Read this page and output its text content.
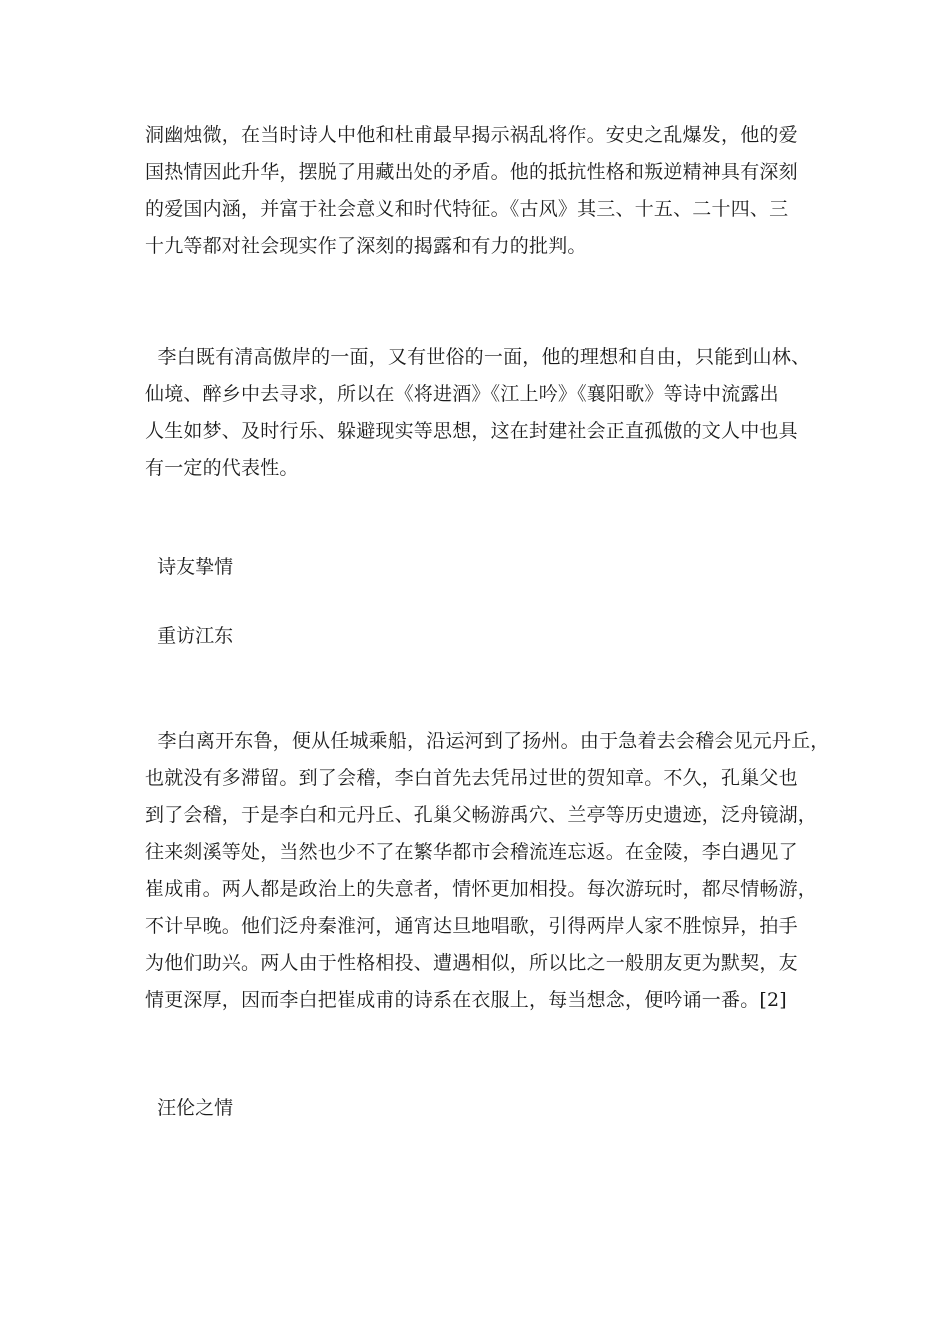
洞幽烛微，在当时诗人中他和杜甫最早揭示祸乱将作。安史之乱爆发，他的爱
国热情因此升华，摆脱了用藏出处的矛盾。他的抵抗性格和叛逆精神具有深刻
的爱国内涵，并富于社会意义和时代特征。《古风》其三、十五、二十四、三
十九等都对社会现实作了深刻的揭露和有力的批判。

李白既有清高傲岸的一面，又有世俗的一面，他的理想和自由，只能到山林、
仙境、醉乡中去寻求，所以在《将进酒》《江上吟》《襄阳歌》等诗中流露出
人生如梦、及时行乐、躲避现实等思想，这在封建社会正直孤傲的文人中也具
有一定的代表性。

诗友挚情
重访江东

李白离开东鲁，便从任城乘船，沿运河到了扬州。由于急着去会稽会见元丹丘，
也就没有多滞留。到了会稽，李白首先去凭吊过世的贺知章。不久，孔巢父也
到了会稽，于是李白和元丹丘、孔巢父畅游禹穴、兰亭等历史遗迹，泛舟镜湖，
往来剡溪等处，当然也少不了在繁华都市会稽流连忘返。在金陵，李白遇见了
崔成甫。两人都是政治上的失意者，情怀更加相投。每次游玩时，都尽情畅游，
不计早晚。他们泛舟秦淮河，通宵达旦地唱歌，引得两岸人家不胜惊异，拍手
为他们助兴。两人由于性格相投、遭遇相似，所以比之一般朋友更为默契，友
情更深厚，因而李白把崔成甫的诗系在衣服上，每当想念，便吟诵一番。[2]

汪伦之情
